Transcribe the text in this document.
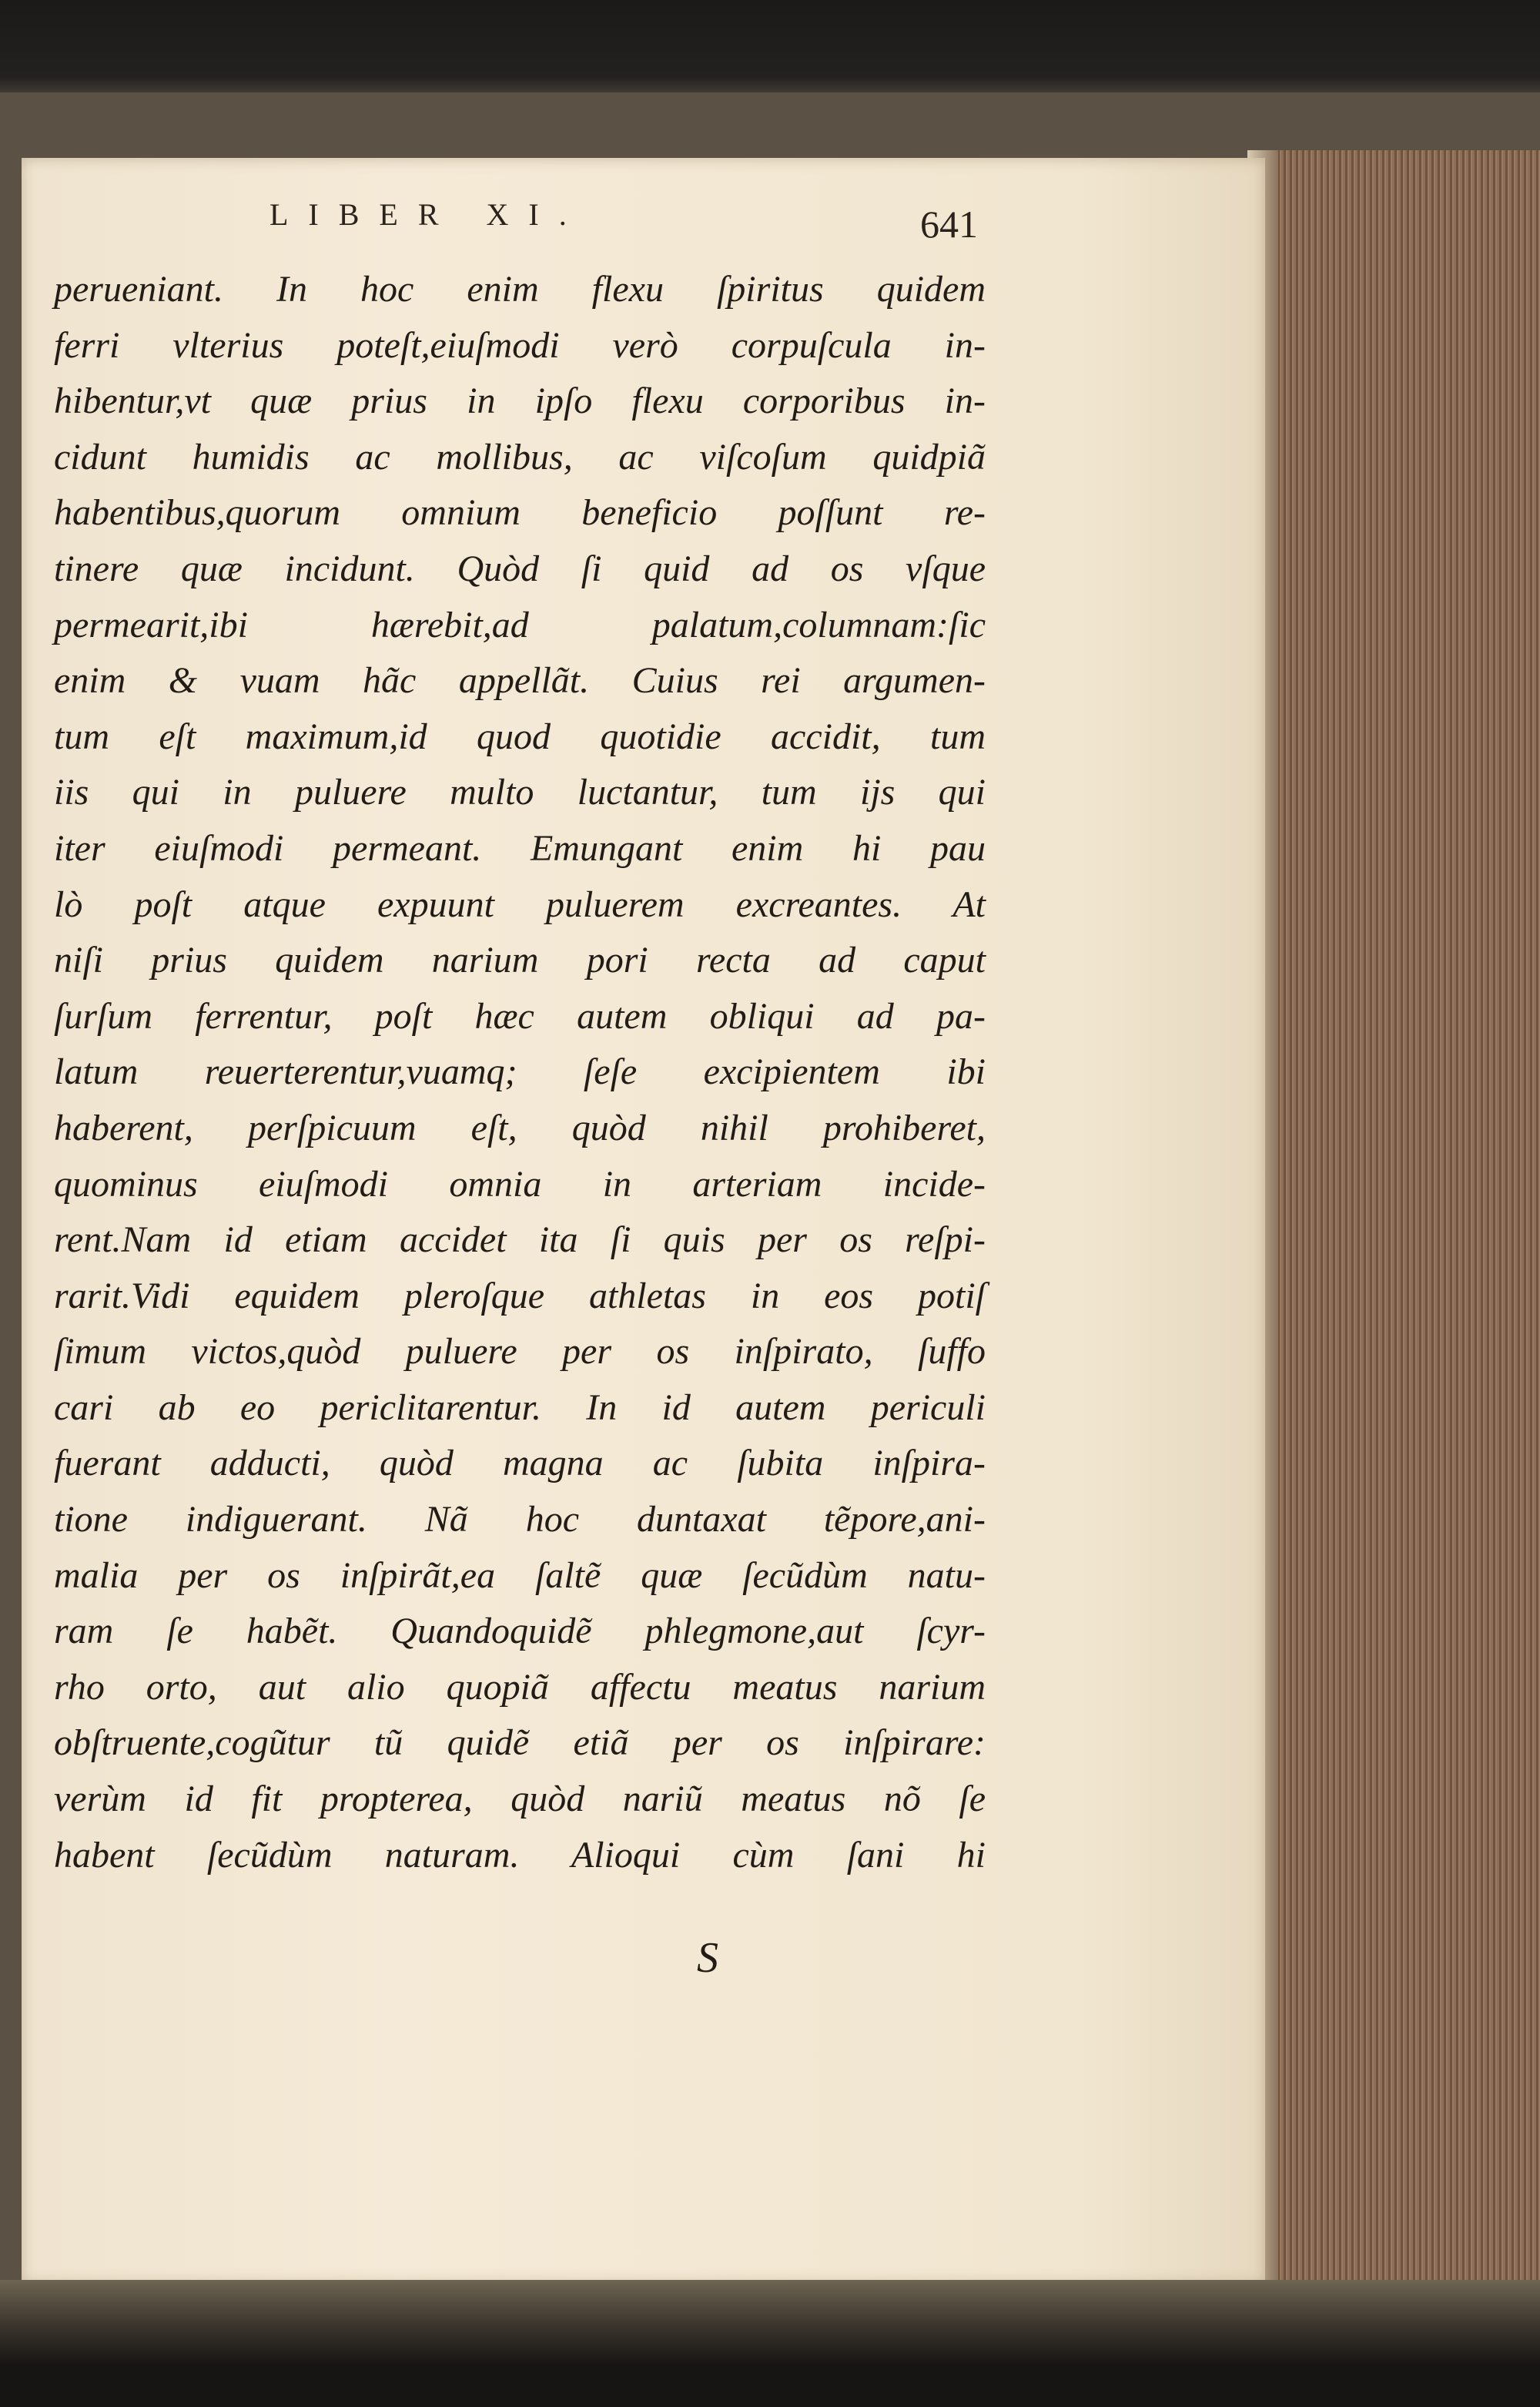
LIBER XI.	641
perueniant. In hoc enim flexu ſpiritus quidem
ferri vlterius poteſt,eiuſmodi verò corpuſcula in-
hibentur,vt quæ prius in ipſo flexu corporibus in-
cidunt humidis ac mollibus, ac viſcoſum quidpiã
habentibus,quorum omnium beneficio poſſunt re-
tinere quæ incidunt. Quòd ſi quid ad os vſque
permearit,ibi hærebit,ad palatum,columnam:ſic
enim & vuam hãc appellãt. Cuius rei argumen-
tum eſt maximum,id quod quotidie accidit, tum
iis qui in puluere multo luctantur, tum ijs qui
iter eiuſmodi permeant. Emungant enim hi pau
lò poſt atque expuunt puluerem excreantes. At
niſi prius quidem narium pori recta ad caput
ſurſum ferrentur, poſt hæc autem obliqui ad pa-
latum reuerterentur,vuamq; ſeſe excipientem ibi
haberent, perſpicuum eſt, quòd nihil prohiberet,
quominus eiuſmodi omnia in arteriam incide-
rent.Nam id etiam accidet ita ſi quis per os reſpi-
rarit.Vidi equidem pleroſque athletas in eos potiſ
ſimum victos,quòd puluere per os inſpirato, ſuffo
cari ab eo periclitarentur. In id autem periculi
fuerant adducti, quòd magna ac ſubita inſpira-
tione indiguerant. Nã hoc duntaxat tẽpore,ani-
malia per os inſpirãt,ea ſaltẽ quæ ſecũdùm natu-
ram ſe habẽt. Quandoquidẽ phlegmone,aut ſcyr-
rho orto, aut alio quopiã affectu meatus narium
obſtruente,cogũtur tũ quidẽ etiã per os inſpirare:
verùm id fit propterea, quòd nariũ meatus nõ ſe
habent ſecũdùm naturam. Alioqui cùm ſani hi
S
